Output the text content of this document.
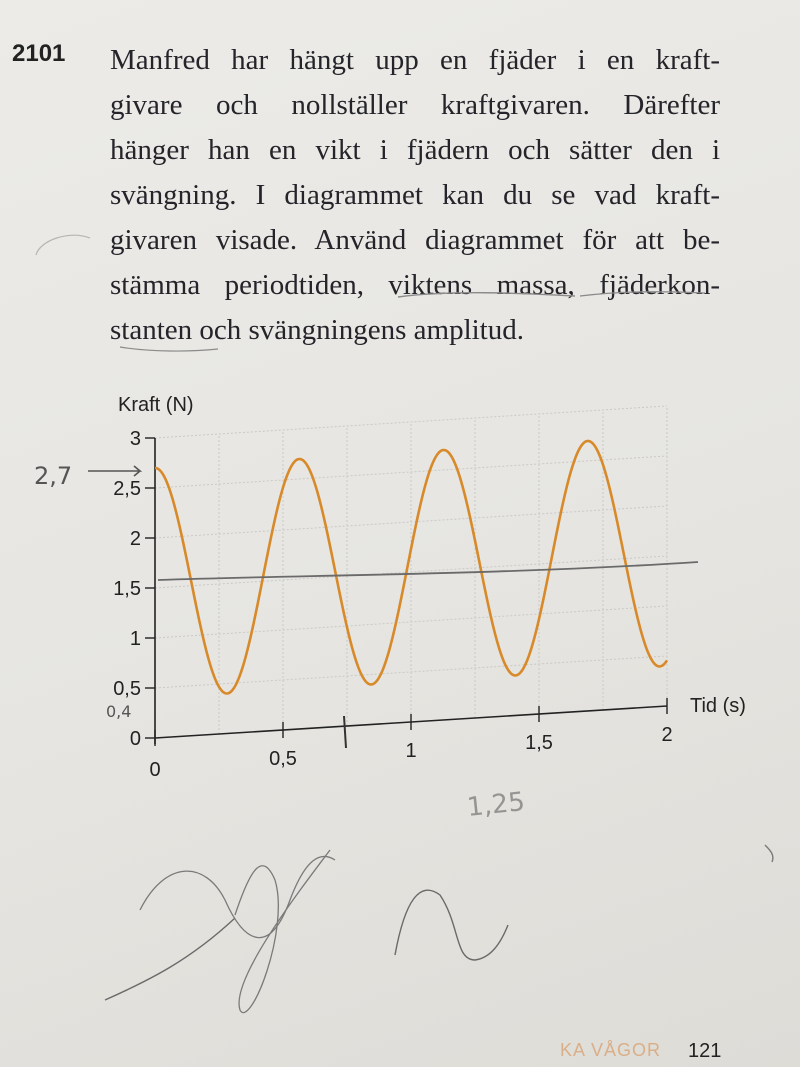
2101 Manfred har hängt upp en fjäder i en kraft-
givare och nollställer kraftgivaren. Därefter
hänger han en vikt i fjädern och sätter den i
svängning. I diagrammet kan du se vad kraft-
givaren visade. Använd diagrammet för att be-
stämma periodtiden, viktens massa, fjäderkon-
stanten och svängningens amplitud.
Kraft (N)
Tid (s)
0
0,5
1
1,5
2
2,5
3
0	0,5	1	1,5	2
2,7
0,4
1,25
KA VÅGOR 121
